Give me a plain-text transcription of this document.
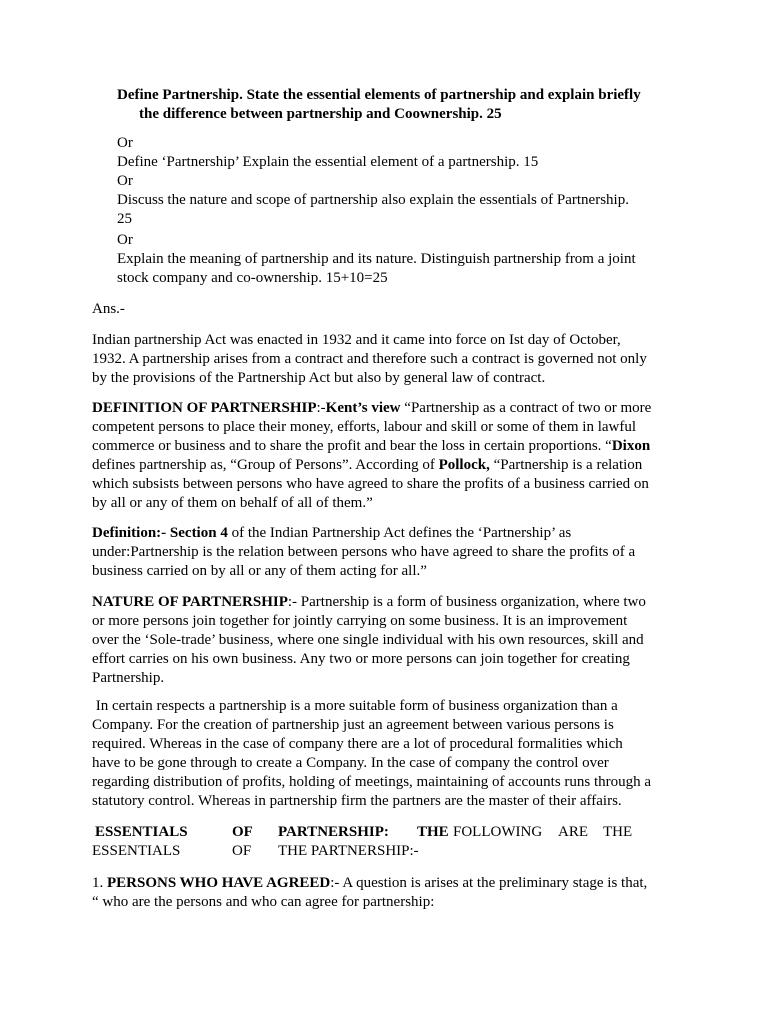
Define Partnership. State the essential elements of partnership and explain briefly
the difference between partnership and Coownership. 25
Or
Define ‘Partnership’ Explain the essential element of a partnership. 15
Or
Discuss the nature and scope of partnership also explain the essentials of Partnership.
25
Or
Explain the meaning of partnership and its nature. Distinguish partnership from a joint
stock company and co-ownership. 15+10=25
Ans.-

Indian partnership Act was enacted in 1932 and it came into force on Ist day of October,

1932. A partnership arises from a contract and therefore such a contract is governed not only

by the provisions of the Partnership Act but also by general law of contract.

DEFINITION OF PARTNERSHIP:-Kent’s view “Partnership as a contract of two or more

competent persons to place their money, efforts, labour and skill or some of them in lawful

commerce or business and to share the profit and bear the loss in certain proportions. “Dixon

defines partnership as, “Group of Persons”. According of Pollock, “Partnership is a relation

which subsists between persons who have agreed to share the profits of a business carried on

by all or any of them on behalf of all of them.”

Definition:- Section 4 of the Indian Partnership Act defines the ‘Partnership’ as

under:Partnership is the relation between persons who have agreed to share the profits of a

business carried on by all or any of them acting for all.”

NATURE OF PARTNERSHIP:- Partnership is a form of business organization, where two

or more persons join together for jointly carrying on some business. It is an improvement

over the ‘Sole-trade’ business, where one single individual with his own resources, skill and

effort carries on his own business. Any two or more persons can join together for creating

Partnership.

In certain respects a partnership is a more suitable form of business organization than a

Company. For the creation of partnership just an agreement between various persons is

required. Whereas in the case of company there are a lot of procedural formalities which

have to be gone through to create a Company. In the case of company the control over

regarding distribution of profits, holding of meetings, maintaining of accounts runs through a

statutory control. Whereas in partnership firm the partners are the master of their affairs.

ESSENTIALS	OF PARTNERSHIP: THE FOLLOWING ARE THE
ESSENTIALS	OF THE PARTNERSHIP:-

1. PERSONS WHO HAVE AGREED:- A question is arises at the preliminary stage is that,

“ who are the persons and who can agree for partnership:
